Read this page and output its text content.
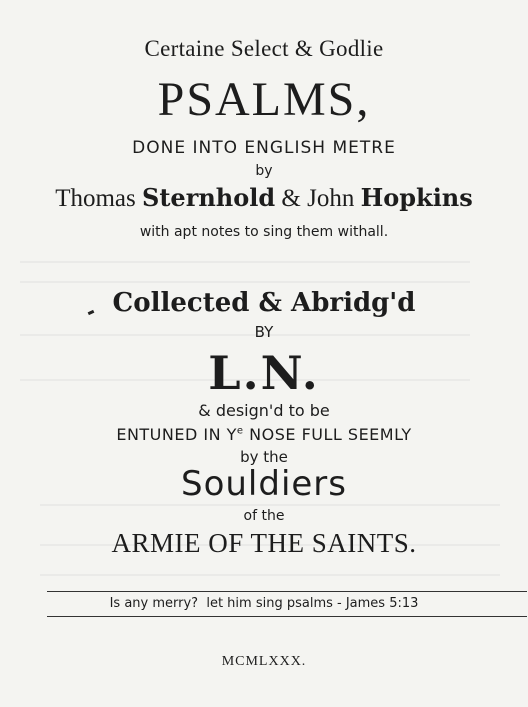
Certaine Select & Godlie
PSALMS,
DONE INTO ENGLISH METRE
by
Thomas Sternhold & John Hopkins
with apt notes to sing them withall.
Collected & Abridg'd
BY
L.N.
& design'd to be
ENTUNED IN $Y^e$ NOSE FULL SEEMLY
by the
Souldiers
of the
ARMIE OF THE SAINTS.
Is any merry?  let him sing psalms - James 5:13
MCMLXXX.
